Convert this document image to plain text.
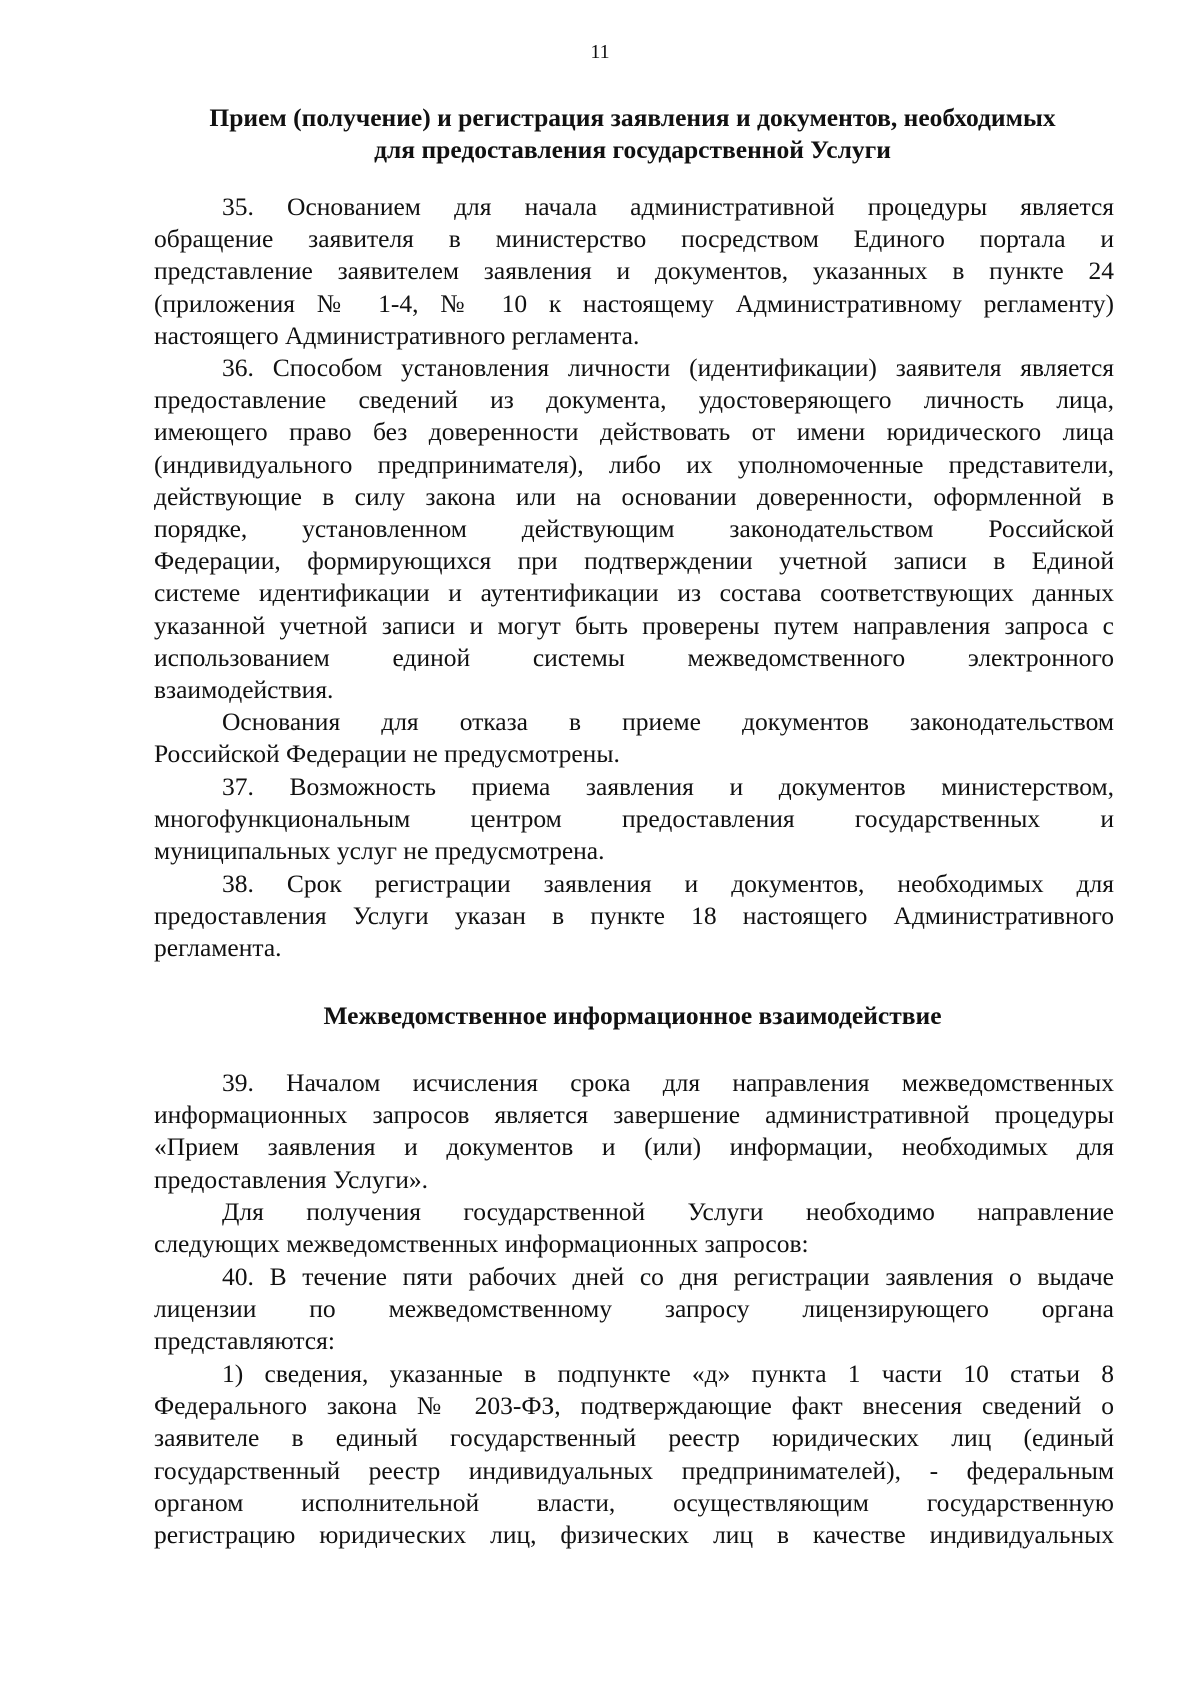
11
Прием (получение) и регистрация заявления и документов, необходимых
для предоставления государственной Услуги
35. Основанием для начала административной процедуры является
обращение заявителя в министерство посредством Единого портала и
представление заявителем заявления и документов, указанных в пункте 24
(приложения № 1-4, № 10 к настоящему Административному регламенту)
настоящего Административного регламента.
36. Способом установления личности (идентификации) заявителя является
предоставление сведений из документа, удостоверяющего личность лица,
имеющего право без доверенности действовать от имени юридического лица
(индивидуального предпринимателя), либо их уполномоченные представители,
действующие в силу закона или на основании доверенности, оформленной в
порядке, установленном действующим законодательством Российской
Федерации, формирующихся при подтверждении учетной записи в Единой
системе идентификации и аутентификации из состава соответствующих данных
указанной учетной записи и могут быть проверены путем направления запроса с
использованием единой системы межведомственного электронного
взаимодействия.
Основания для отказа в приеме документов законодательством
Российской Федерации не предусмотрены.
37. Возможность приема заявления и документов министерством,
многофункциональным центром предоставления государственных и
муниципальных услуг не предусмотрена.
38. Срок регистрации заявления и документов, необходимых для
предоставления Услуги указан в пункте 18 настоящего Административного
регламента.
Межведомственное информационное взаимодействие
39. Началом исчисления срока для направления межведомственных
информационных запросов является завершение административной процедуры
«Прием заявления и документов и (или) информации, необходимых для
предоставления Услуги».
Для получения государственной Услуги необходимо направление
следующих межведомственных информационных запросов:
40. В течение пяти рабочих дней со дня регистрации заявления о выдаче
лицензии по межведомственному запросу лицензирующего органа
представляются:
1) сведения, указанные в подпункте «д» пункта 1 части 10 статьи 8
Федерального закона № 203-ФЗ, подтверждающие факт внесения сведений о
заявителе в единый государственный реестр юридических лиц (единый
государственный реестр индивидуальных предпринимателей), - федеральным
органом исполнительной власти, осуществляющим государственную
регистрацию юридических лиц, физических лиц в качестве индивидуальных
